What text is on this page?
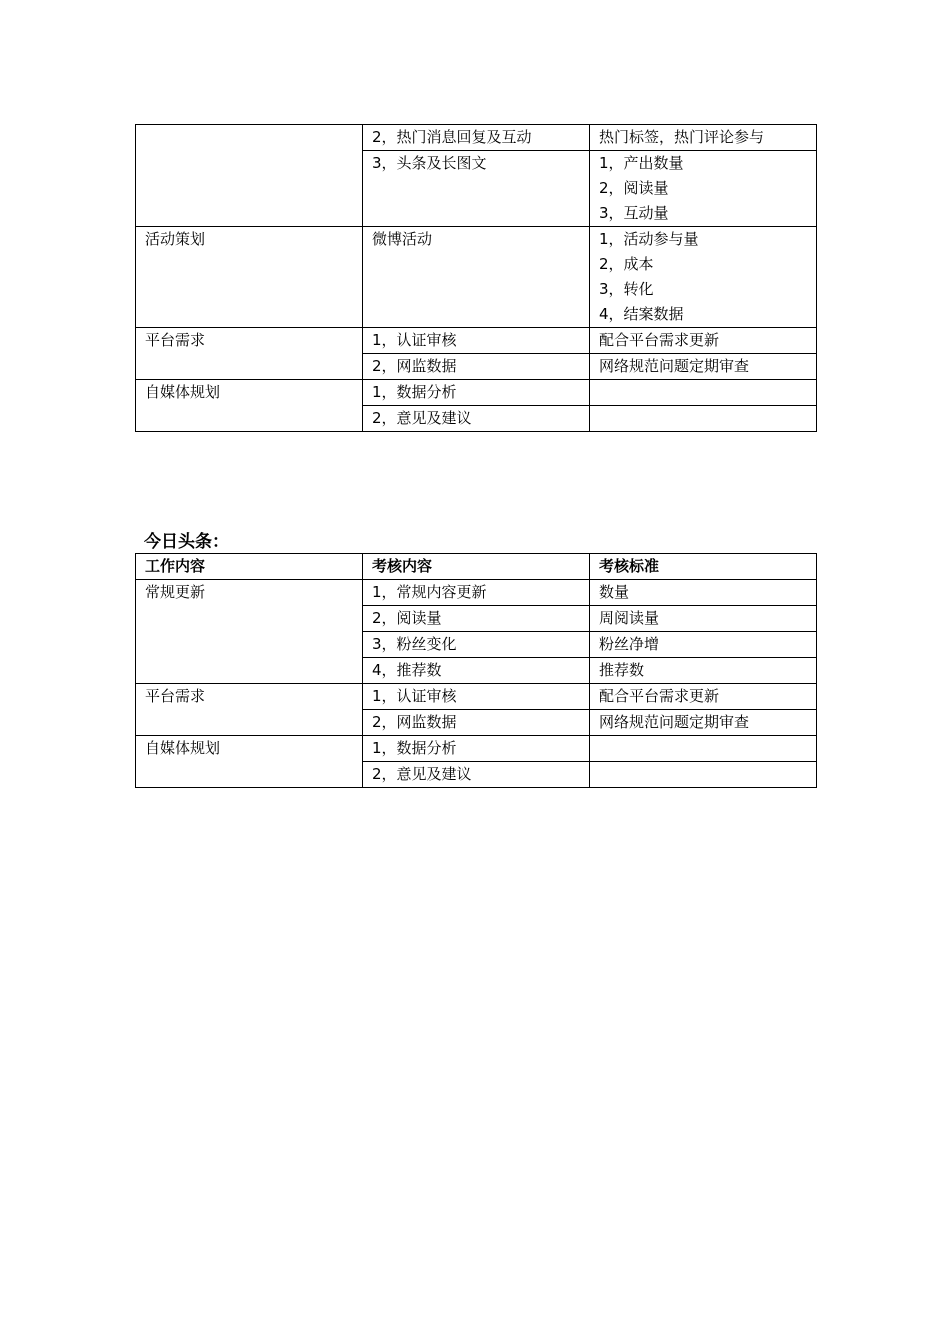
	2，热门消息回复及互动	热门标签，热门评论参与

	3，头条及长图文	1，产出数量
2，阅读量
3，互动量

活动策划	微博活动	1，活动参与量
2，成本
3，转化
4，结案数据

平台需求	1，认证审核	配合平台需求更新

	2，网监数据	网络规范问题定期审查

自媒体规划	1，数据分析	

	2，意见及建议	

今日头条：
工作内容	考核内容	考核标准

常规更新	1，常规内容更新	数量

	2，阅读量	周阅读量

	3，粉丝变化	粉丝净增

	4，推荐数	推荐数

平台需求	1，认证审核	配合平台需求更新

	2，网监数据	网络规范问题定期审查

自媒体规划	1，数据分析	

	2，意见及建议	
